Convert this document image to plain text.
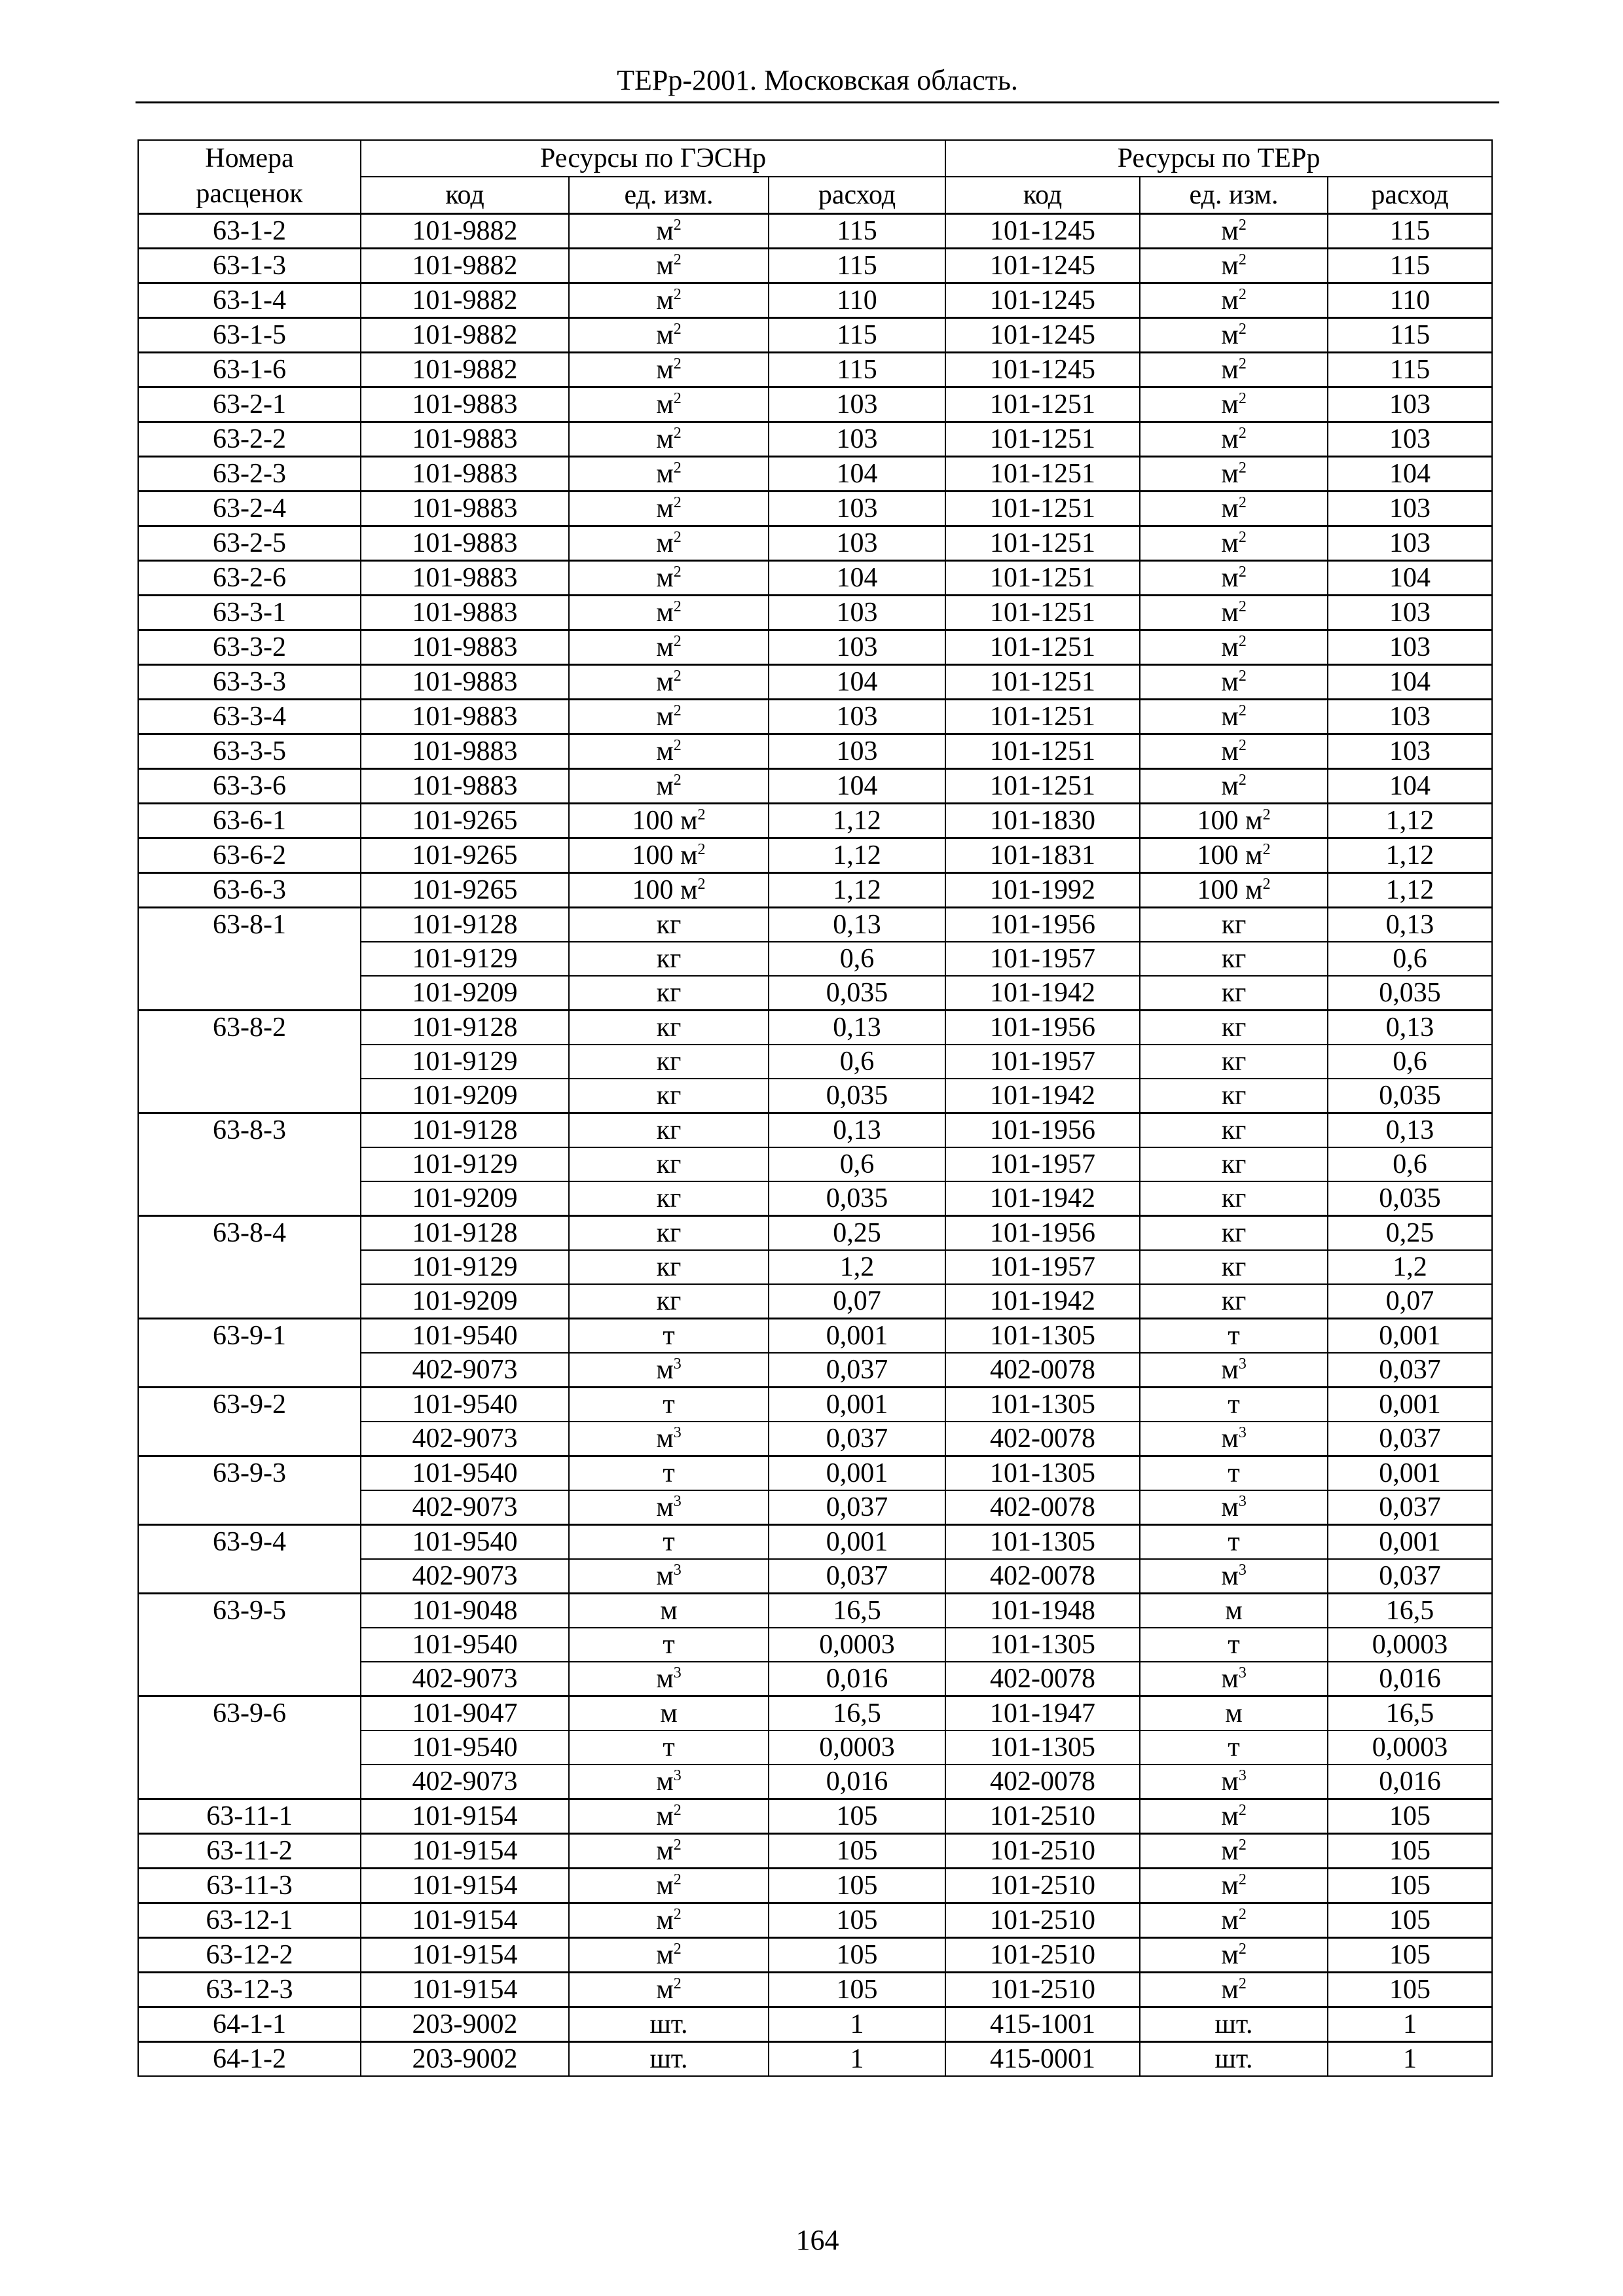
ТЕРр-2001. Московская область.
Номера
расценок	Ресурсы по ГЭСНр			Ресурсы по ТЕРр		
	код	ед. изм.	расход	код	ед. изм.	расход
63-1-2	101-9882	$м^2$	115	101-1245	$м^2$	115
63-1-3	101-9882	$м^2$	115	101-1245	$м^2$	115
63-1-4	101-9882	$м^2$	110	101-1245	$м^2$	110
63-1-5	101-9882	$м^2$	115	101-1245	$м^2$	115
63-1-6	101-9882	$м^2$	115	101-1245	$м^2$	115
63-2-1	101-9883	$м^2$	103	101-1251	$м^2$	103
63-2-2	101-9883	$м^2$	103	101-1251	$м^2$	103
63-2-3	101-9883	$м^2$	104	101-1251	$м^2$	104
63-2-4	101-9883	$м^2$	103	101-1251	$м^2$	103
63-2-5	101-9883	$м^2$	103	101-1251	$м^2$	103
63-2-6	101-9883	$м^2$	104	101-1251	$м^2$	104
63-3-1	101-9883	$м^2$	103	101-1251	$м^2$	103
63-3-2	101-9883	$м^2$	103	101-1251	$м^2$	103
63-3-3	101-9883	$м^2$	104	101-1251	$м^2$	104
63-3-4	101-9883	$м^2$	103	101-1251	$м^2$	103
63-3-5	101-9883	$м^2$	103	101-1251	$м^2$	103
63-3-6	101-9883	$м^2$	104	101-1251	$м^2$	104
63-6-1	101-9265	100 $м^2$	1,12	101-1830	100 $м^2$	1,12
63-6-2	101-9265	100 $м^2$	1,12	101-1831	100 $м^2$	1,12
63-6-3	101-9265	100 $м^2$	1,12	101-1992	100 $м^2$	1,12
63-8-1	101-9128	кг	0,13	101-1956	кг	0,13
	101-9129	кг	0,6	101-1957	кг	0,6
	101-9209	кг	0,035	101-1942	кг	0,035
63-8-2	101-9128	кг	0,13	101-1956	кг	0,13
	101-9129	кг	0,6	101-1957	кг	0,6
	101-9209	кг	0,035	101-1942	кг	0,035
63-8-3	101-9128	кг	0,13	101-1956	кг	0,13
	101-9129	кг	0,6	101-1957	кг	0,6
	101-9209	кг	0,035	101-1942	кг	0,035
63-8-4	101-9128	кг	0,25	101-1956	кг	0,25
	101-9129	кг	1,2	101-1957	кг	1,2
	101-9209	кг	0,07	101-1942	кг	0,07
63-9-1	101-9540	т	0,001	101-1305	т	0,001
	402-9073	$м^3$	0,037	402-0078	$м^3$	0,037
63-9-2	101-9540	т	0,001	101-1305	т	0,001
	402-9073	$м^3$	0,037	402-0078	$м^3$	0,037
63-9-3	101-9540	т	0,001	101-1305	т	0,001
	402-9073	$м^3$	0,037	402-0078	$м^3$	0,037
63-9-4	101-9540	т	0,001	101-1305	т	0,001
	402-9073	$м^3$	0,037	402-0078	$м^3$	0,037
63-9-5	101-9048	м	16,5	101-1948	м	16,5
	101-9540	т	0,0003	101-1305	т	0,0003
	402-9073	$м^3$	0,016	402-0078	$м^3$	0,016
63-9-6	101-9047	м	16,5	101-1947	м	16,5
	101-9540	т	0,0003	101-1305	т	0,0003
	402-9073	$м^3$	0,016	402-0078	$м^3$	0,016
63-11-1	101-9154	$м^2$	105	101-2510	$м^2$	105
63-11-2	101-9154	$м^2$	105	101-2510	$м^2$	105
63-11-3	101-9154	$м^2$	105	101-2510	$м^2$	105
63-12-1	101-9154	$м^2$	105	101-2510	$м^2$	105
63-12-2	101-9154	$м^2$	105	101-2510	$м^2$	105
63-12-3	101-9154	$м^2$	105	101-2510	$м^2$	105
64-1-1	203-9002	шт.	1	415-1001	шт.	1
64-1-2	203-9002	шт.	1	415-0001	шт.	1
164
